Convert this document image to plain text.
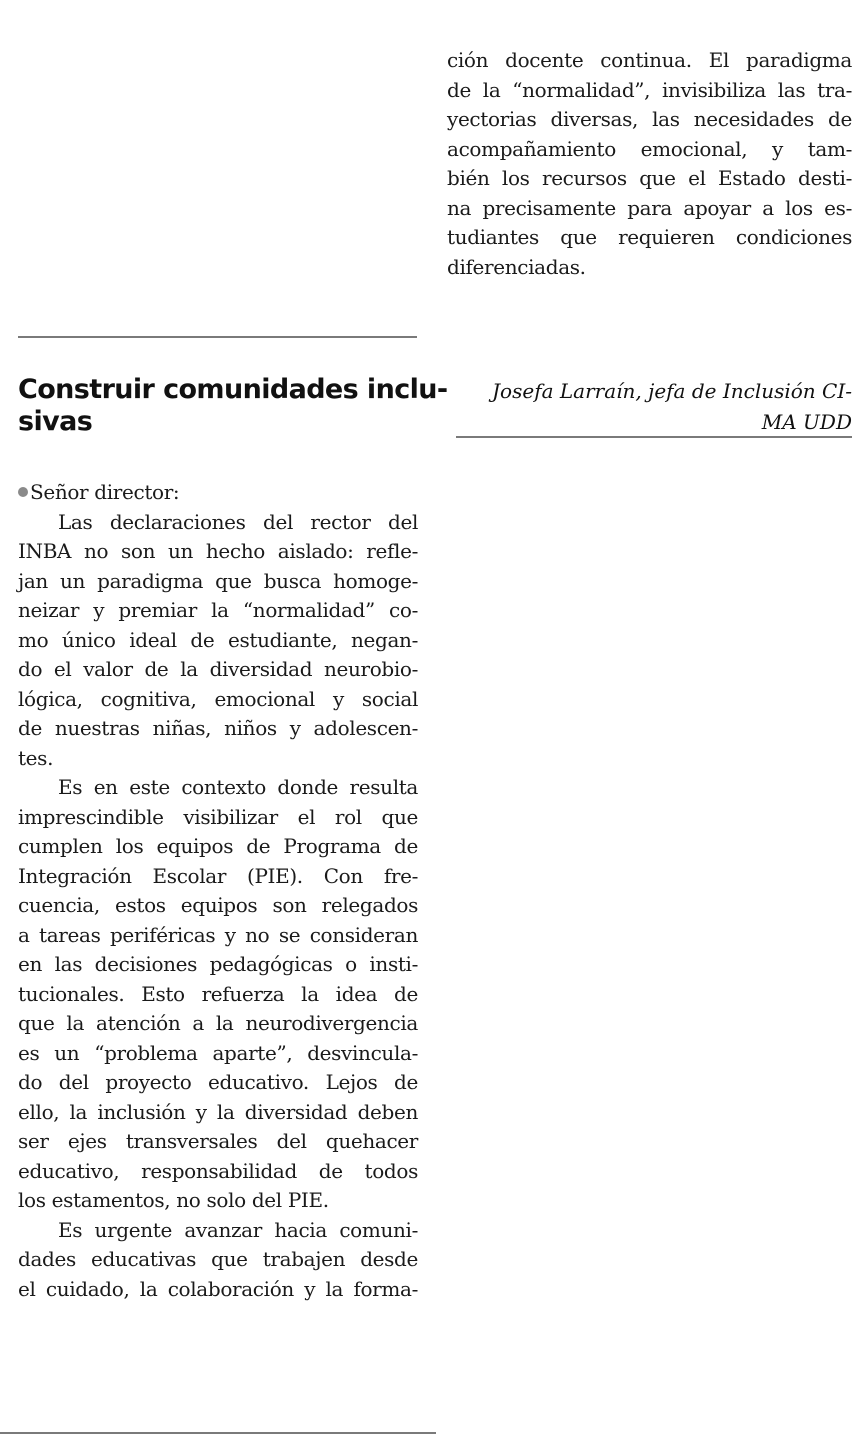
Construir comunidades inclu-
sivas
Señor director:
Las declaraciones del rector del
INBA no son un hecho aislado: refle-
jan un paradigma que busca homoge-
neizar y premiar la “normalidad” co-
mo único ideal de estudiante, negan-
do el valor de la diversidad neurobio-
lógica, cognitiva, emocional y social
de nuestras niñas, niños y adolescen-
tes.
Es en este contexto donde resulta
imprescindible visibilizar el rol que
cumplen los equipos de Programa de
Integración Escolar (PIE). Con fre-
cuencia, estos equipos son relegados
a tareas periféricas y no se consideran
en las decisiones pedagógicas o insti-
tucionales. Esto refuerza la idea de
que la atención a la neurodivergencia
es un “problema aparte”, desvincula-
do del proyecto educativo. Lejos de
ello, la inclusión y la diversidad deben
ser ejes transversales del quehacer
educativo, responsabilidad de todos
los estamentos, no solo del PIE.
Es urgente avanzar hacia comuni-
dades educativas que trabajen desde
el cuidado, la colaboración y la forma-
ción docente continua. El paradigma
de la “normalidad”, invisibiliza las tra-
yectorias diversas, las necesidades de
acompañamiento emocional, y tam-
bién los recursos que el Estado desti-
na precisamente para apoyar a los es-
tudiantes que requieren condiciones
diferenciadas.
Josefa Larraín, jefa de Inclusión CI-
MA UDD
